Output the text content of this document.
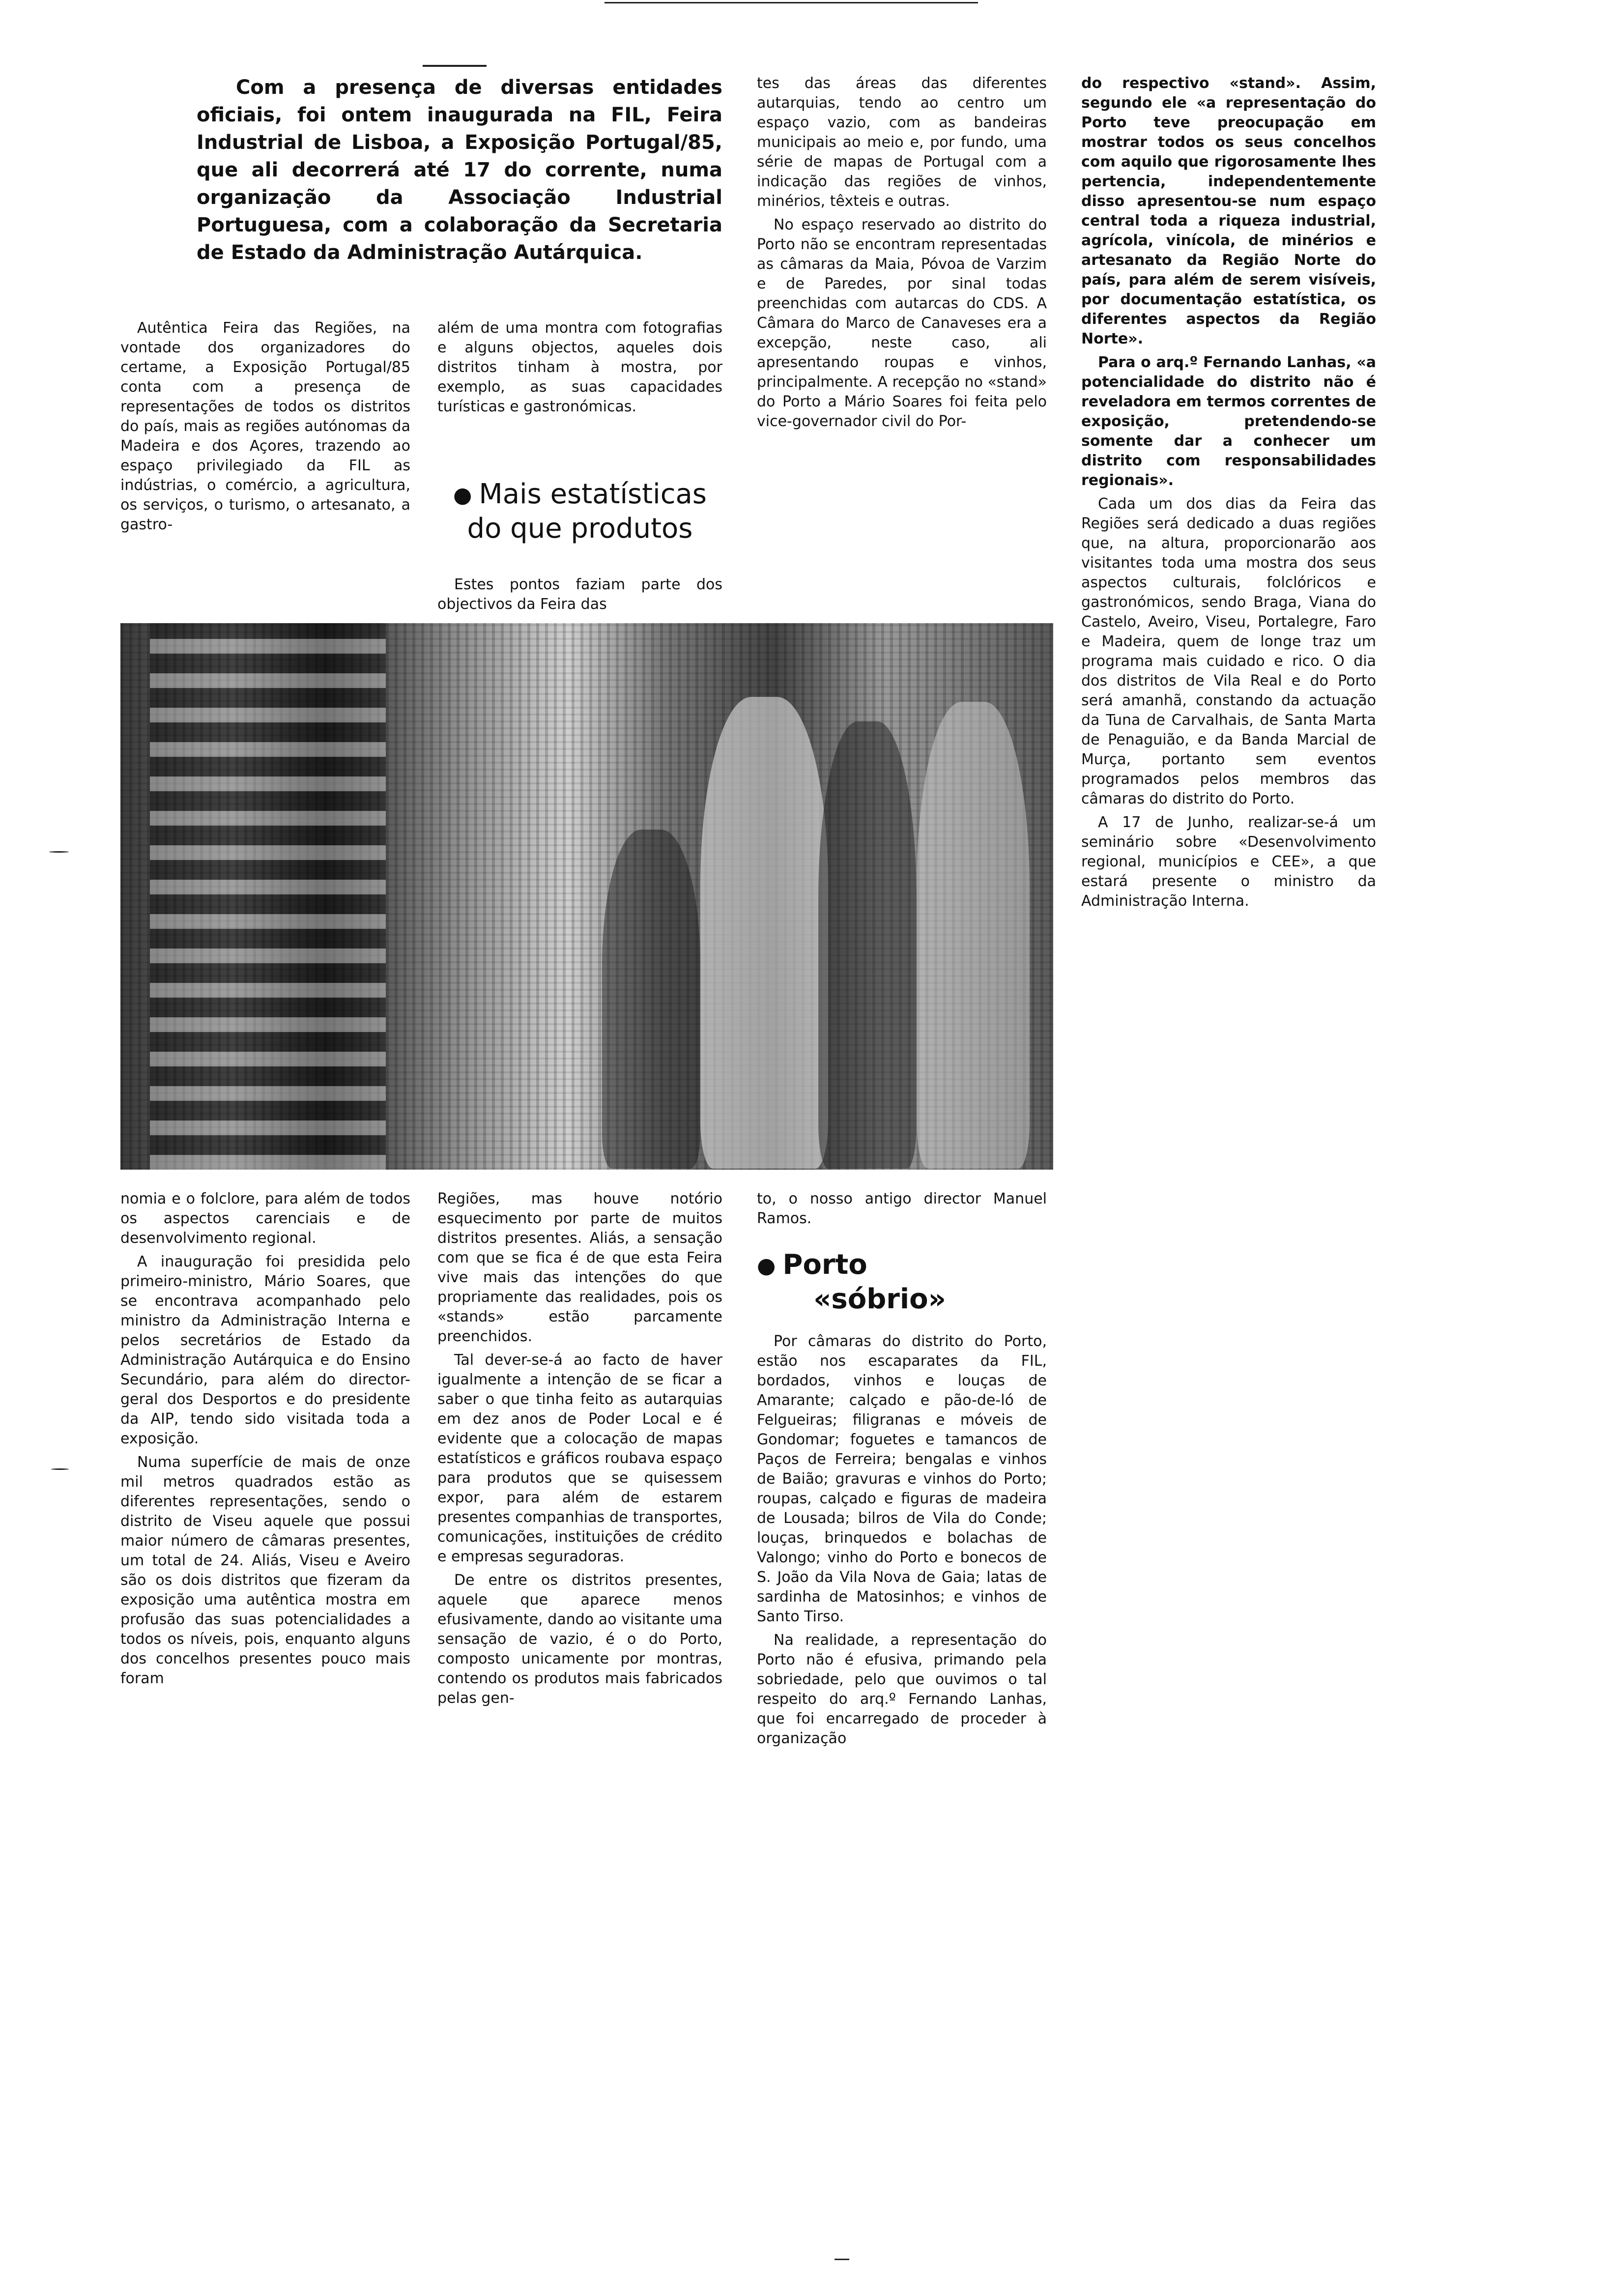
Com a presença de diversas entidades oficiais, foi ontem inaugurada na FIL, Feira Industrial de Lisboa, a Exposição Portugal/85, que ali decorrerá até 17 do corrente, numa organização da Associação Industrial Portuguesa, com a colaboração da Secretaria de Estado da Administração Autárquica.

Autêntica Feira das Regiões, na vontade dos organizadores do certame, a Exposição Portugal/85 conta com a presença de representações de todos os distritos do país, mais as regiões autónomas da Madeira e dos Açores, trazendo ao espaço privilegiado da FIL as indústrias, o comércio, a agricultura, os serviços, o turismo, o artesanato, a gastro-

além de uma montra com fotografias e alguns objectos, aqueles dois distritos tinham à mostra, por exemplo, as suas capacidades turísticas e gastronómicas.

● Mais estatísticas

do que produtos

Estes pontos faziam parte dos objectivos da Feira das

tes das áreas das diferentes autarquias, tendo ao centro um espaço vazio, com as bandeiras municipais ao meio e, por fundo, uma série de mapas de Portugal com a indicação das regiões de vinhos, minérios, têxteis e outras.

No espaço reservado ao distrito do Porto não se encontram representadas as câmaras da Maia, Póvoa de Varzim e de Paredes, por sinal todas preenchidas com autarcas do CDS. A Câmara do Marco de Canaveses era a excepção, neste caso, ali apresentando roupas e vinhos, principalmente. A recepção no «stand» do Porto a Mário Soares foi feita pelo vice-governador civil do Por-

do respectivo «stand». Assim, segundo ele «a representação do Porto teve preocupação em mostrar todos os seus concelhos com aquilo que rigorosamente lhes pertencia, independentemente disso apresentou-se num espaço central toda a riqueza industrial, agrícola, vinícola, de minérios e artesanato da Região Norte do país, para além de serem visíveis, por documentação estatística, os diferentes aspectos da Região Norte».

Para o arq.º Fernando Lanhas, «a potencialidade do distrito não é reveladora em termos correntes de exposição, pretendendo-se somente dar a conhecer um distrito com responsabilidades regionais».

Cada um dos dias da Feira das Regiões será dedicado a duas regiões que, na altura, proporcionarão aos visitantes toda uma mostra dos seus aspectos culturais, folclóricos e gastronómicos, sendo Braga, Viana do Castelo, Aveiro, Viseu, Portalegre, Faro e Madeira, quem de longe traz um programa mais cuidado e rico. O dia dos distritos de Vila Real e do Porto será amanhã, constando da actuação da Tuna de Carvalhais, de Santa Marta de Penaguião, e da Banda Marcial de Murça, portanto sem eventos programados pelos membros das câmaras do distrito do Porto.

A 17 de Junho, realizar-se-á um seminário sobre «Desenvolvimento regional, municípios e CEE», a que estará presente o ministro da Administração Interna.

nomia e o folclore, para além de todos os aspectos carenciais e de desenvolvimento regional.

A inauguração foi presidida pelo primeiro-ministro, Mário Soares, que se encontrava acompanhado pelo ministro da Administração Interna e pelos secretários de Estado da Administração Autárquica e do Ensino Secundário, para além do director-geral dos Desportos e do presidente da AIP, tendo sido visitada toda a exposição.

Numa superfície de mais de onze mil metros quadrados estão as diferentes representações, sendo o distrito de Viseu aquele que possui maior número de câmaras presentes, um total de 24. Aliás, Viseu e Aveiro são os dois distritos que fizeram da exposição uma autêntica mostra em profusão das suas potencialidades a todos os níveis, pois, enquanto alguns dos concelhos presentes pouco mais foram

Regiões, mas houve notório esquecimento por parte de muitos distritos presentes. Aliás, a sensação com que se fica é de que esta Feira vive mais das intenções do que propriamente das realidades, pois os «stands» estão parcamente preenchidos.

Tal dever-se-á ao facto de haver igualmente a intenção de se ficar a saber o que tinha feito as autarquias em dez anos de Poder Local e é evidente que a colocação de mapas estatísticos e gráficos roubava espaço para produtos que se quisessem expor, para além de estarem presentes companhias de transportes, comunicações, instituições de crédito e empresas seguradoras.

De entre os distritos presentes, aquele que aparece menos efusivamente, dando ao visitante uma sensação de vazio, é o do Porto, composto unicamente por montras, contendo os produtos mais fabricados pelas gen-

to, o nosso antigo director Manuel Ramos.

● Porto

«sóbrio»

Por câmaras do distrito do Porto, estão nos escaparates da FIL, bordados, vinhos e louças de Amarante; calçado e pão-de-ló de Felgueiras; filigranas e móveis de Gondomar; foguetes e tamancos de Paços de Ferreira; bengalas e vinhos de Baião; gravuras e vinhos do Porto; roupas, calçado e figuras de madeira de Lousada; bilros de Vila do Conde; louças, brinquedos e bolachas de Valongo; vinho do Porto e bonecos de S. João da Vila Nova de Gaia; latas de sardinha de Matosinhos; e vinhos de Santo Tirso.

Na realidade, a representação do Porto não é efusiva, primando pela sobriedade, pelo que ouvimos o tal respeito do arq.º Fernando Lanhas, que foi encarregado de proceder à organização
